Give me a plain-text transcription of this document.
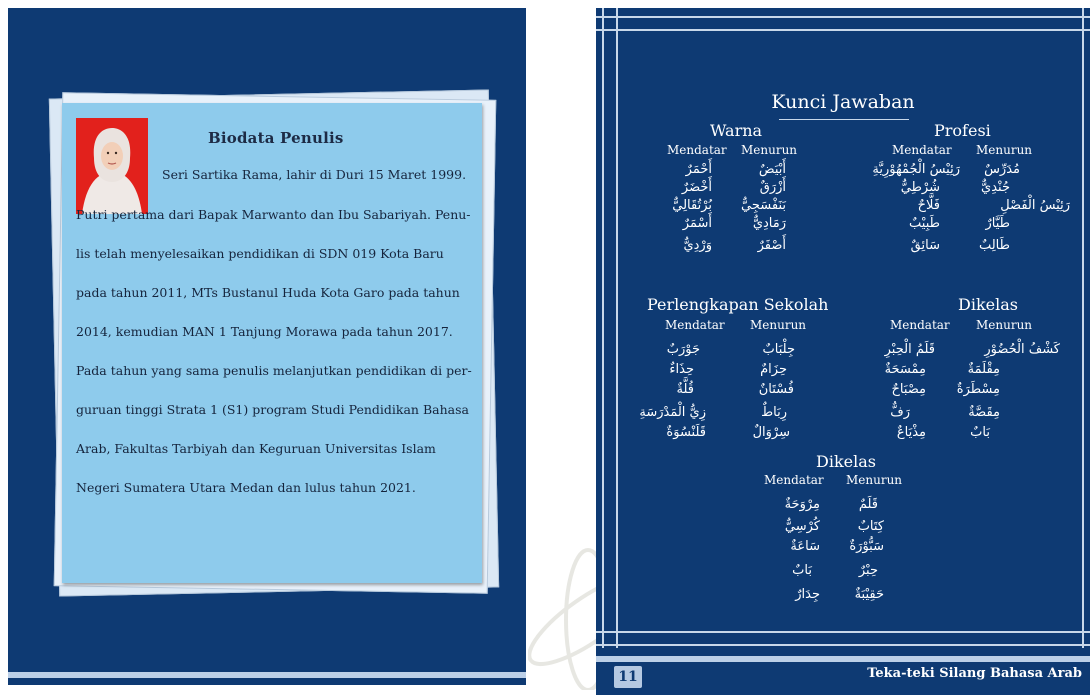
Biodata Penulis
Seri Sartika Rama, lahir di Duri 15 Maret 1999.
Putri pertama dari Bapak Marwanto dan Ibu Sabariyah. Penu-
lis telah menyelesaikan pendidikan di SDN 019 Kota Baru
pada tahun 2011, MTs Bustanul Huda Kota Garo pada tahun
2014, kemudian MAN 1 Tanjung Morawa pada tahun 2017.
Pada tahun yang sama penulis melanjutkan pendidikan di per-
guruan tinggi Strata 1 (S1) program Studi Pendidikan Bahasa
Arab, Fakultas Tarbiyah dan Keguruan Universitas Islam
Negeri Sumatera Utara Medan dan lulus tahun 2021.
Kunci Jawaban
Warna
Mendatar Menurun
أَحْمَرٌ
أَخْضَرٌ
بُرْتُقَالِيٌّ
أَسْمَرٌ
وَرْدِيٌّ
أَبْيَضٌ
أَزْرَقٌ
بَنَفْسَجِيٌّ
رَمَادِيٌّ
أَصْفَرٌ
Profesi
Mendatar Menurun
رَئِيْسُ الْجُمْهُوْرِيَّةِ
شُرْطِيٌّ
فَلَّاحٌ
طَبِيْبٌ
سَائِقٌ
مُدَرِّسٌ
جُنْدِيٌّ
رَئِيْسُ الْفَصْلِ
طَيَّارٌ
طَالِبٌ
Perlengkapan Sekolah
Mendatar Menurun
جَوْرَبٌ
حِذَاءٌ
قُلَّةٌ
زِيُّ الْمَدْرَسَةِ
قَلَنْسُوَةٌ
جِلْبَابٌ
حِزَامٌ
فُسْتَانٌ
رِبَاطٌ
سِرْوَالٌ
Dikelas
Mendatar Menurun
قَلَمُ الْحِبْرِ
مِمْسَحَةٌ
مِصْبَاحٌ
رَفٌّ
مِذْيَاعٌ
كَشْفُ الْحُضُوْرِ
مِقْلَمَةٌ
مِسْطَرَةٌ
مِقَصَّةٌ
بَابٌ
Dikelas
Mendatar Menurun
مِرْوَحَةٌ
كُرْسِيٌّ
سَاعَةٌ
بَابٌ
جِدَارٌ
قَلَمٌ
كِتَابٌ
سَبُّوْرَةٌ
حِبْرٌ
حَقِيْبَةٌ
11	Teka-teki Silang Bahasa Arab
